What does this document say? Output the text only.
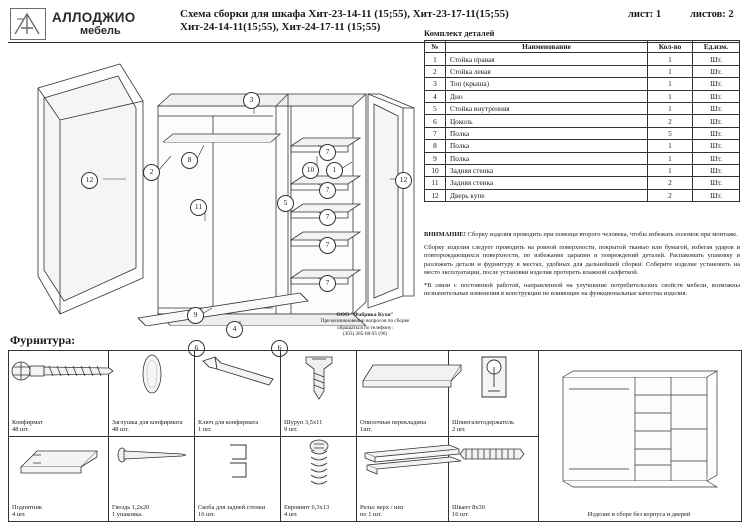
АЛЛОДЖИО
мебель
Схема сборки для шкафа Хит-23-14-11 (15;55), Хит-23-17-11(15;55)
Хит-24-14-11(15;55), Хит-24-17-11 (15;55)
лист: 1	листов: 2
Комплект деталей
№	Наименование	Кол-во	Ед.изм.
1	Стойка правая	1	Шт.
2	Стойка левая	1	Шт.
3	Топ (крыша)	1	Шт.
4	Дно	1	Шт.
5	Стойка внутренняя	1	Шт.
6	Цоколь	2	Шт.
7	Полка	5	Шт.
8	Полка	1	Шт.
9	Полка	1	Шт.
10	Задняя стенка	1	Шт.
11	Задняя стенка	2	Шт.
12	Дверь купе	2	Шт.

ВНИМАНИЕ! Сборку изделия проводить при помощи второго человека, чтобы избежать поломок при монтаже.

Сборку изделия следует проводить на ровной поверхности, покрытой тканью или бумагой, избегая ударов и повторождающихся поверхности, по избежание царапин и повреждений деталей. Распакомать упаковку и разложить детали и фурнитуру в местах, удобных для дальнейшей сборки. Соберите изделие установить на место эксплуатации, после установки изделия протереть влажной салфеткой.

*В связи с постоянной работой, направленной на улучшение потребительских свойств мебели, возможны незначительные изменения в конструкции не влияющие на функциональные качества изделия.

12
2
8
3
11
10	1
5
7
7
7
7
7
12
9
4
6	6
ООО "Фабрика Кухн"
При возникновении вопросов по сборке
обращаться по телефону:
(303) 285-60-95 (96)
Фурнитура:
Конфирмат
48 шт.
Заглушка для конфирмата
48 шт.
Ключ для конфирмата
1 шт.
Шуруп 3,5х11
9 шт.
Опилочная перекладина
1шт.
Шпингалетодержатель
2 шт.
Подпятник
4 шт.
Гвоздь 1,2х20
1 упаковка.
Скоба для задней стенки
16 шт.
Евровинт 6,3х13
4 шт.
Рельс верх / низ
по 1 шт.
Шкант 8х30
16 шт.	Изделие в сборе без корпуса и дверей
